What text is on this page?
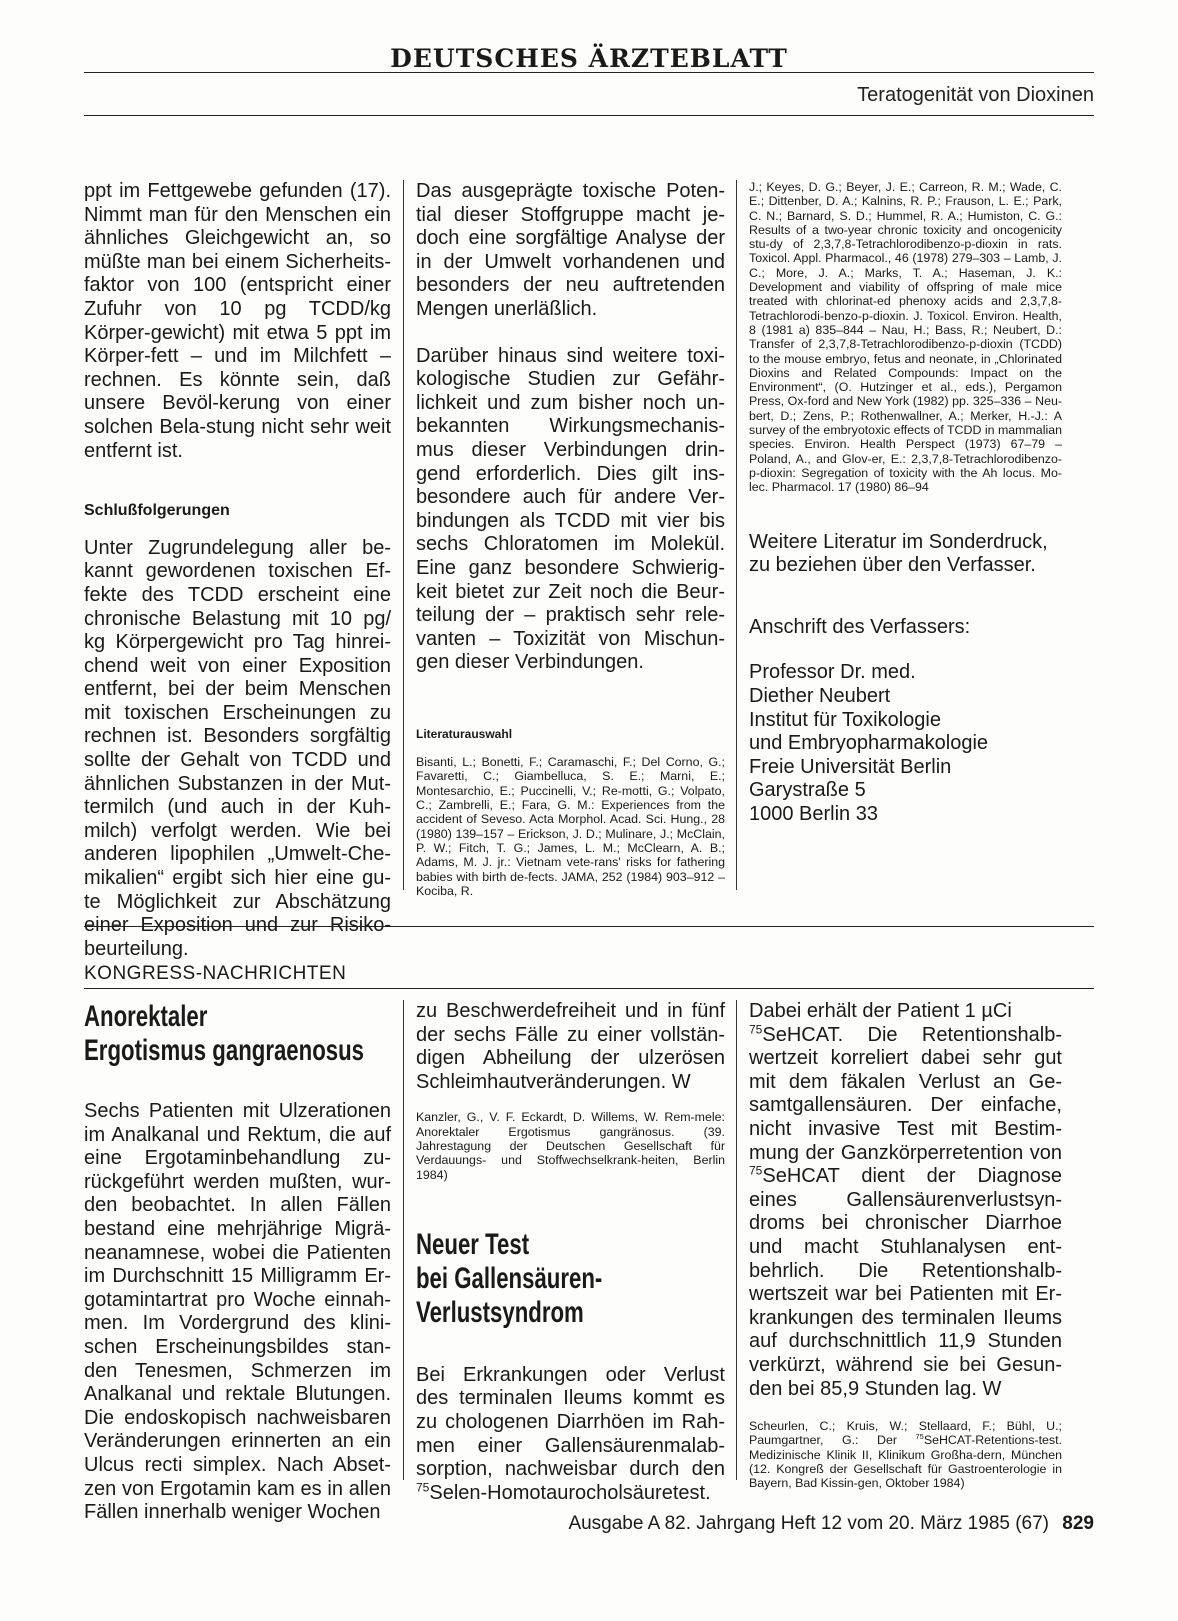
DEUTSCHES ÄRZTEBLATT
Teratogenität von Dioxinen

ppt im Fettgewebe gefunden (17). Nimmt man für den Menschen ein ähnliches Gleichgewicht an, so müßte man bei einem Sicherheits-faktor von 100 (entspricht einer Zufuhr von 10 pg TCDD/kg Körper-gewicht) mit etwa 5 ppt im Körper-fett – und im Milchfett – rechnen. Es könnte sein, daß unsere Bevöl-kerung von einer solchen Bela-stung nicht sehr weit entfernt ist.

Schlußfolgerungen

Unter Zugrundelegung aller be-kannt gewordenen toxischen Ef-fekte des TCDD erscheint eine chronische Belastung mit 10 pg/ kg Körpergewicht pro Tag hinrei-chend weit von einer Exposition entfernt, bei der beim Menschen mit toxischen Erscheinungen zu rechnen ist. Besonders sorgfältig sollte der Gehalt von TCDD und ähnlichen Substanzen in der Mut-termilch (und auch in der Kuh-milch) verfolgt werden. Wie bei anderen lipophilen „Umwelt-Che-mikalien“ ergibt sich hier eine gu-te Möglichkeit zur Abschätzung einer Exposition und zur Risiko-beurteilung.

Das ausgeprägte toxische Poten-tial dieser Stoffgruppe macht je-doch eine sorgfältige Analyse der in der Umwelt vorhandenen und besonders der neu auftretenden Mengen unerläßlich.

Darüber hinaus sind weitere toxi-kologische Studien zur Gefähr-lichkeit und zum bisher noch un-bekannten Wirkungsmechanis-mus dieser Verbindungen drin-gend erforderlich. Dies gilt ins-besondere auch für andere Ver-bindungen als TCDD mit vier bis sechs Chloratomen im Molekül. Eine ganz besondere Schwierig-keit bietet zur Zeit noch die Beur-teilung der – praktisch sehr rele-vanten – Toxizität von Mischun-gen dieser Verbindungen.

Literaturauswahl

Bisanti, L.; Bonetti, F.; Caramaschi, F.; Del Corno, G.; Favaretti, C.; Giambelluca, S. E.; Marni, E.; Montesarchio, E.; Puccinelli, V.; Re-motti, G.; Volpato, C.; Zambrelli, E.; Fara, G. M.: Experiences from the accident of Seveso. Acta Morphol. Acad. Sci. Hung., 28 (1980) 139–157 – Erickson, J. D.; Mulinare, J.; McClain, P. W.; Fitch, T. G.; James, L. M.; McClearn, A. B.; Adams, M. J. jr.: Vietnam vete-rans' risks for fathering babies with birth de-fects. JAMA, 252 (1984) 903–912 – Kociba, R.

J.; Keyes, D. G.; Beyer, J. E.; Carreon, R. M.; Wade, C. E.; Dittenber, D. A.; Kalnins, R. P.; Frauson, L. E.; Park, C. N.; Barnard, S. D.; Hummel, R. A.; Humiston, C. G.: Results of a two-year chronic toxicity and oncogenicity stu-dy of 2,3,7,8-Tetrachlorodibenzo-p-dioxin in rats. Toxicol. Appl. Pharmacol., 46 (1978) 279–303 – Lamb, J. C.; More, J. A.; Marks, T. A.; Haseman, J. K.: Development and viability of offspring of male mice treated with chlorinat-ed phenoxy acids and 2,3,7,8-Tetrachlorodi-benzo-p-dioxin. J. Toxicol. Environ. Health, 8 (1981 a) 835–844 – Nau, H.; Bass, R.; Neubert, D.: Transfer of 2,3,7,8-Tetrachlorodibenzo-p-dioxin (TCDD) to the mouse embryo, fetus and neonate, in „Chlorinated Dioxins and Related Compounds: Impact on the Environment“, (O. Hutzinger et al., eds.), Pergamon Press, Ox-ford and New York (1982) pp. 325–336 – Neu-bert, D.; Zens, P.; Rothenwallner, A.; Merker, H.-J.: A survey of the embryotoxic effects of TCDD in mammalian species. Environ. Health Perspect (1973) 67–79 – Poland, A., and Glov-er, E.: 2,3,7,8-Tetrachlorodibenzo-p-dioxin: Segregation of toxicity with the Ah locus. Mo-lec. Pharmacol. 17 (1980) 86–94

Weitere Literatur im Sonderdruck, zu beziehen über den Verfasser.

Anschrift des Verfassers:

Professor Dr. med.
Diether Neubert
Institut für Toxikologie
und Embryopharmakologie
Freie Universität Berlin
Garystraße 5
1000 Berlin 33
KONGRESS-NACHRICHTEN

Anorektaler

Ergotismus gangraenosus

Sechs Patienten mit Ulzerationen im Analkanal und Rektum, die auf eine Ergotaminbehandlung zu-rückgeführt werden mußten, wur-den beobachtet. In allen Fällen bestand eine mehrjährige Migrä-neanamnese, wobei die Patienten im Durchschnitt 15 Milligramm Er-gotamintartrat pro Woche einnah-men. Im Vordergrund des klini-schen Erscheinungsbildes stan-den Tenesmen, Schmerzen im Analkanal und rektale Blutungen. Die endoskopisch nachweisbaren Veränderungen erinnerten an ein Ulcus recti simplex. Nach Abset-zen von Ergotamin kam es in allen Fällen innerhalb weniger Wochen

zu Beschwerdefreiheit und in fünf der sechs Fälle zu einer vollstän-digen Abheilung der ulzerösen Schleimhautveränderungen. W

Kanzler, G., V. F. Eckardt, D. Willems, W. Rem-mele: Anorektaler Ergotismus gangränosus. (39. Jahrestagung der Deutschen Gesellschaft für Verdauungs- und Stoffwechselkrank-heiten, Berlin 1984)

Neuer Test

bei Gallensäuren-

Verlustsyndrom

Bei Erkrankungen oder Verlust des terminalen Ileums kommt es zu chologenen Diarrhöen im Rah-men einer Gallensäurenmalab-sorption, nachweisbar durch den $^{75}$Selen-Homotaurocholsäuretest.

Dabei erhält der Patient 1 µCi
$^{75}$SeHCAT. Die Retentionshalb-wertzeit korreliert dabei sehr gut mit dem fäkalen Verlust an Ge-samtgallensäuren. Der einfache, nicht invasive Test mit Bestim-mung der Ganzkörperretention von $^{75}$SeHCAT dient der Diagnose eines Gallensäurenverlustsyn-droms bei chronischer Diarrhoe und macht Stuhlanalysen ent-behrlich. Die Retentionshalb-wertszeit war bei Patienten mit Er-krankungen des terminalen Ileums auf durchschnittlich 11,9 Stunden verkürzt, während sie bei Gesun-den bei 85,9 Stunden lag. W

Scheurlen, C.; Kruis, W.; Stellaard, F.; Bühl, U.; Paumgartner, G.: Der $^{75}$SeHCAT-Retentions-test. Medizinische Klinik II, Klinikum Großha-dern, München (12. Kongreß der Gesellschaft für Gastroenterologie in Bayern, Bad Kissin-gen, Oktober 1984)

Ausgabe A 82. Jahrgang Heft 12 vom 20. März 1985 (67) 829
